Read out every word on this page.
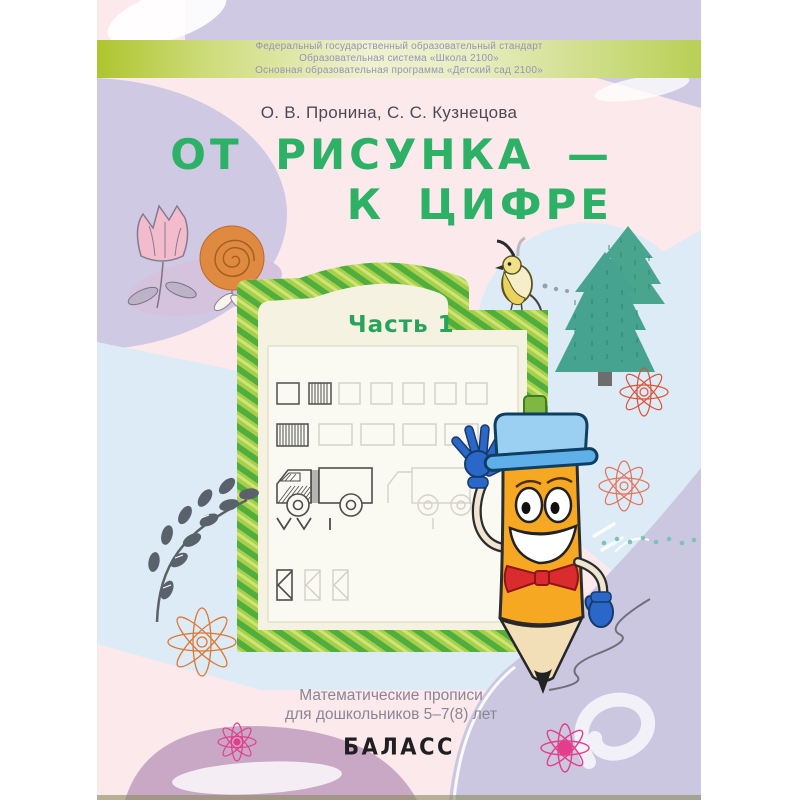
Федеральный государственный образовательный стандарт
Образовательная система «Школа 2100»
Основная образовательная программа «Детский сад 2100»
О. В. Пронина, С. С. Кузнецова
ОТ РИСУНКА —
К ЦИФРЕ
Часть 1
Математические прописи
для дошкольников 5–7(8) лет
БАЛАСС
